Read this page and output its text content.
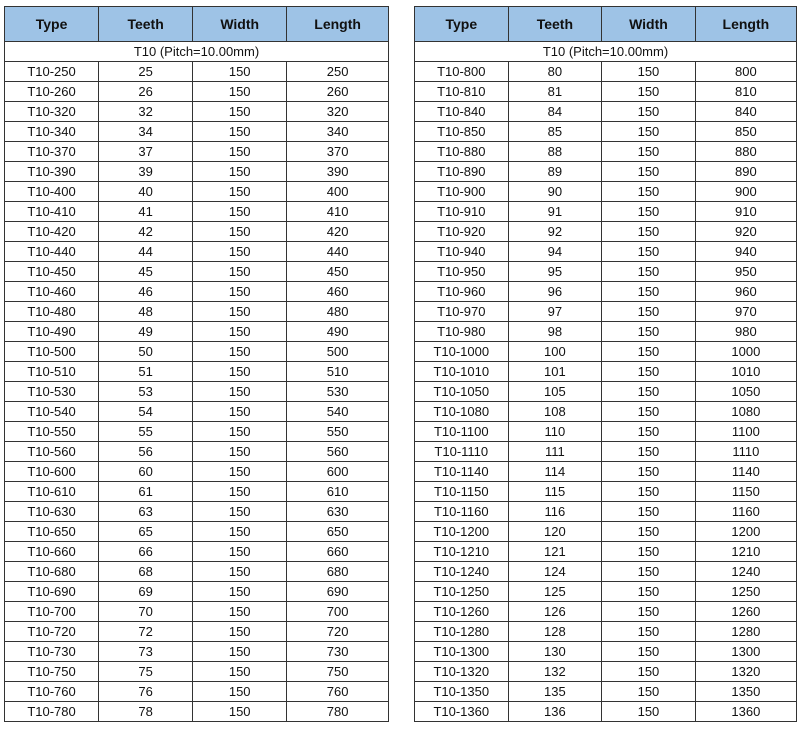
Type	Teeth	Width	Length
T10 (Pitch=10.00mm)			
T10-250	25	150	250
T10-260	26	150	260
T10-320	32	150	320
T10-340	34	150	340
T10-370	37	150	370
T10-390	39	150	390
T10-400	40	150	400
T10-410	41	150	410
T10-420	42	150	420
T10-440	44	150	440
T10-450	45	150	450
T10-460	46	150	460
T10-480	48	150	480
T10-490	49	150	490
T10-500	50	150	500
T10-510	51	150	510
T10-530	53	150	530
T10-540	54	150	540
T10-550	55	150	550
T10-560	56	150	560
T10-600	60	150	600
T10-610	61	150	610
T10-630	63	150	630
T10-650	65	150	650
T10-660	66	150	660
T10-680	68	150	680
T10-690	69	150	690
T10-700	70	150	700
T10-720	72	150	720
T10-730	73	150	730
T10-750	75	150	750
T10-760	76	150	760
T10-780	78	150	780
Type	Teeth	Width	Length
T10 (Pitch=10.00mm)			
T10-800	80	150	800
T10-810	81	150	810
T10-840	84	150	840
T10-850	85	150	850
T10-880	88	150	880
T10-890	89	150	890
T10-900	90	150	900
T10-910	91	150	910
T10-920	92	150	920
T10-940	94	150	940
T10-950	95	150	950
T10-960	96	150	960
T10-970	97	150	970
T10-980	98	150	980
T10-1000	100	150	1000
T10-1010	101	150	1010
T10-1050	105	150	1050
T10-1080	108	150	1080
T10-1100	110	150	1100
T10-1110	111	150	1110
T10-1140	114	150	1140
T10-1150	115	150	1150
T10-1160	116	150	1160
T10-1200	120	150	1200
T10-1210	121	150	1210
T10-1240	124	150	1240
T10-1250	125	150	1250
T10-1260	126	150	1260
T10-1280	128	150	1280
T10-1300	130	150	1300
T10-1320	132	150	1320
T10-1350	135	150	1350
T10-1360	136	150	1360
